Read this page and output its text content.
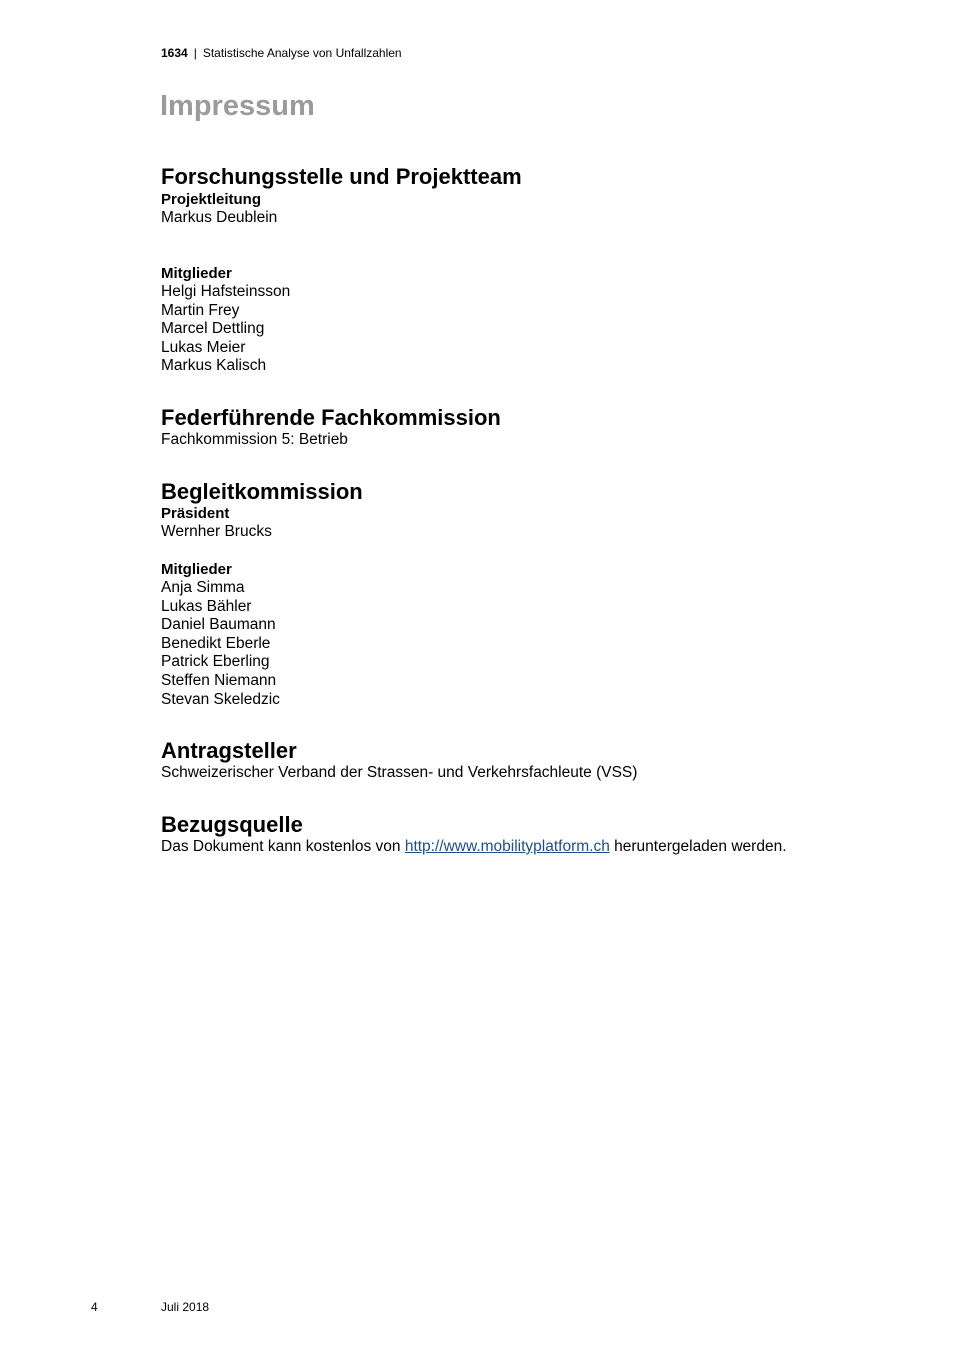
1634 | Statistische Analyse von Unfallzahlen
Impressum
Forschungsstelle und Projektteam
Projektleitung
Markus Deublein
Mitglieder
Helgi Hafsteinsson
Martin Frey
Marcel Dettling
Lukas Meier
Markus Kalisch
Federführende Fachkommission
Fachkommission 5: Betrieb
Begleitkommission
Präsident
Wernher Brucks
Mitglieder
Anja Simma
Lukas Bähler
Daniel Baumann
Benedikt Eberle
Patrick Eberling
Steffen Niemann
Stevan Skeledzic
Antragsteller
Schweizerischer Verband der Strassen- und Verkehrsfachleute (VSS)
Bezugsquelle
Das Dokument kann kostenlos von http://www.mobilityplatform.ch heruntergeladen werden.
4	Juli 2018
